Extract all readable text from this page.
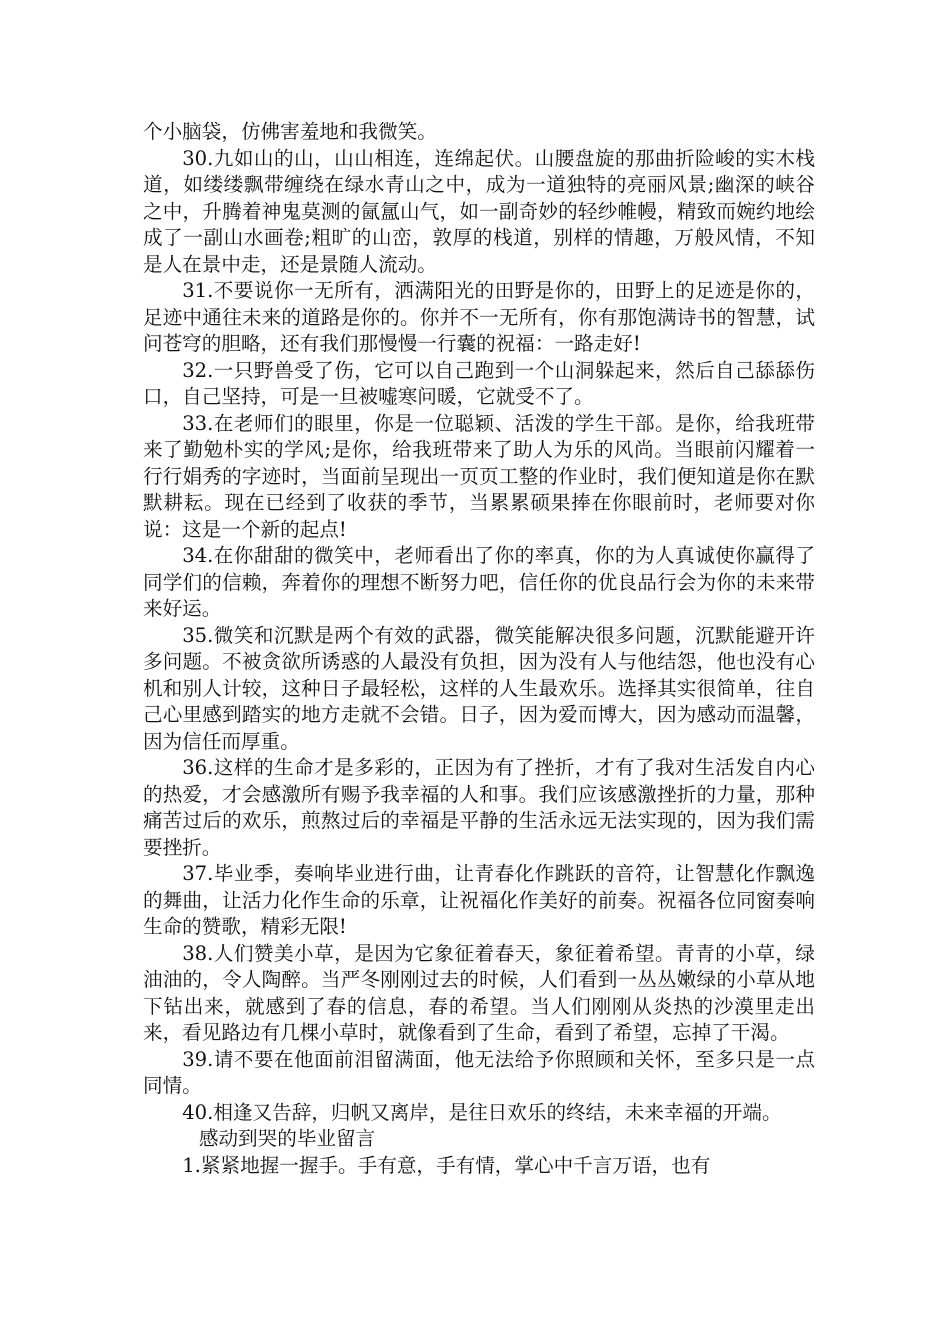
个小脑袋，仿佛害羞地和我微笑。

30.九如山的山，山山相连，连绵起伏。山腰盘旋的那曲折险峻的实木栈道，如缕缕飘带缠绕在绿水青山之中，成为一道独特的亮丽风景;幽深的峡谷之中，升腾着神鬼莫测的氤氲山气，如一副奇妙的轻纱帷幔，精致而婉约地绘成了一副山水画卷;粗旷的山峦，敦厚的栈道，别样的情趣，万般风情，不知是人在景中走，还是景随人流动。

31.不要说你一无所有，洒满阳光的田野是你的，田野上的足迹是你的，足迹中通往未来的道路是你的。你并不一无所有，你有那饱满诗书的智慧，试问苍穹的胆略，还有我们那慢慢一行囊的祝福：一路走好!

32.一只野兽受了伤，它可以自己跑到一个山洞躲起来，然后自己舔舔伤口，自己坚持，可是一旦被嘘寒问暖，它就受不了。

33.在老师们的眼里，你是一位聪颖、活泼的学生干部。是你，给我班带来了勤勉朴实的学风;是你，给我班带来了助人为乐的风尚。当眼前闪耀着一行行娟秀的字迹时，当面前呈现出一页页工整的作业时，我们便知道是你在默默耕耘。现在已经到了收获的季节，当累累硕果捧在你眼前时，老师要对你说：这是一个新的起点!

34.在你甜甜的微笑中，老师看出了你的率真，你的为人真诚使你赢得了同学们的信赖，奔着你的理想不断努力吧，信任你的优良品行会为你的未来带来好运。

35.微笑和沉默是两个有效的武器，微笑能解决很多问题，沉默能避开许多问题。不被贪欲所诱惑的人最没有负担，因为没有人与他结怨，他也没有心机和别人计较，这种日子最轻松，这样的人生最欢乐。选择其实很简单，往自己心里感到踏实的地方走就不会错。日子，因为爱而博大，因为感动而温馨，因为信任而厚重。

36.这样的生命才是多彩的，正因为有了挫折，才有了我对生活发自内心的热爱，才会感激所有赐予我幸福的人和事。我们应该感激挫折的力量，那种痛苦过后的欢乐，煎熬过后的幸福是平静的生活永远无法实现的，因为我们需要挫折。

37.毕业季，奏响毕业进行曲，让青春化作跳跃的音符，让智慧化作飘逸的舞曲，让活力化作生命的乐章，让祝福化作美好的前奏。祝福各位同窗奏响生命的赞歌，精彩无限!

38.人们赞美小草，是因为它象征着春天，象征着希望。青青的小草，绿油油的，令人陶醉。当严冬刚刚过去的时候，人们看到一丛丛嫩绿的小草从地下钻出来，就感到了春的信息，春的希望。当人们刚刚从炎热的沙漠里走出来，看见路边有几棵小草时，就像看到了生命，看到了希望，忘掉了干渴。

39.请不要在他面前泪留满面，他无法给予你照顾和关怀，至多只是一点同情。

40.相逢又告辞，归帆又离岸，是往日欢乐的终结，未来幸福的开端。

感动到哭的毕业留言

1.紧紧地握一握手。手有意，手有情，掌心中千言万语，也有
